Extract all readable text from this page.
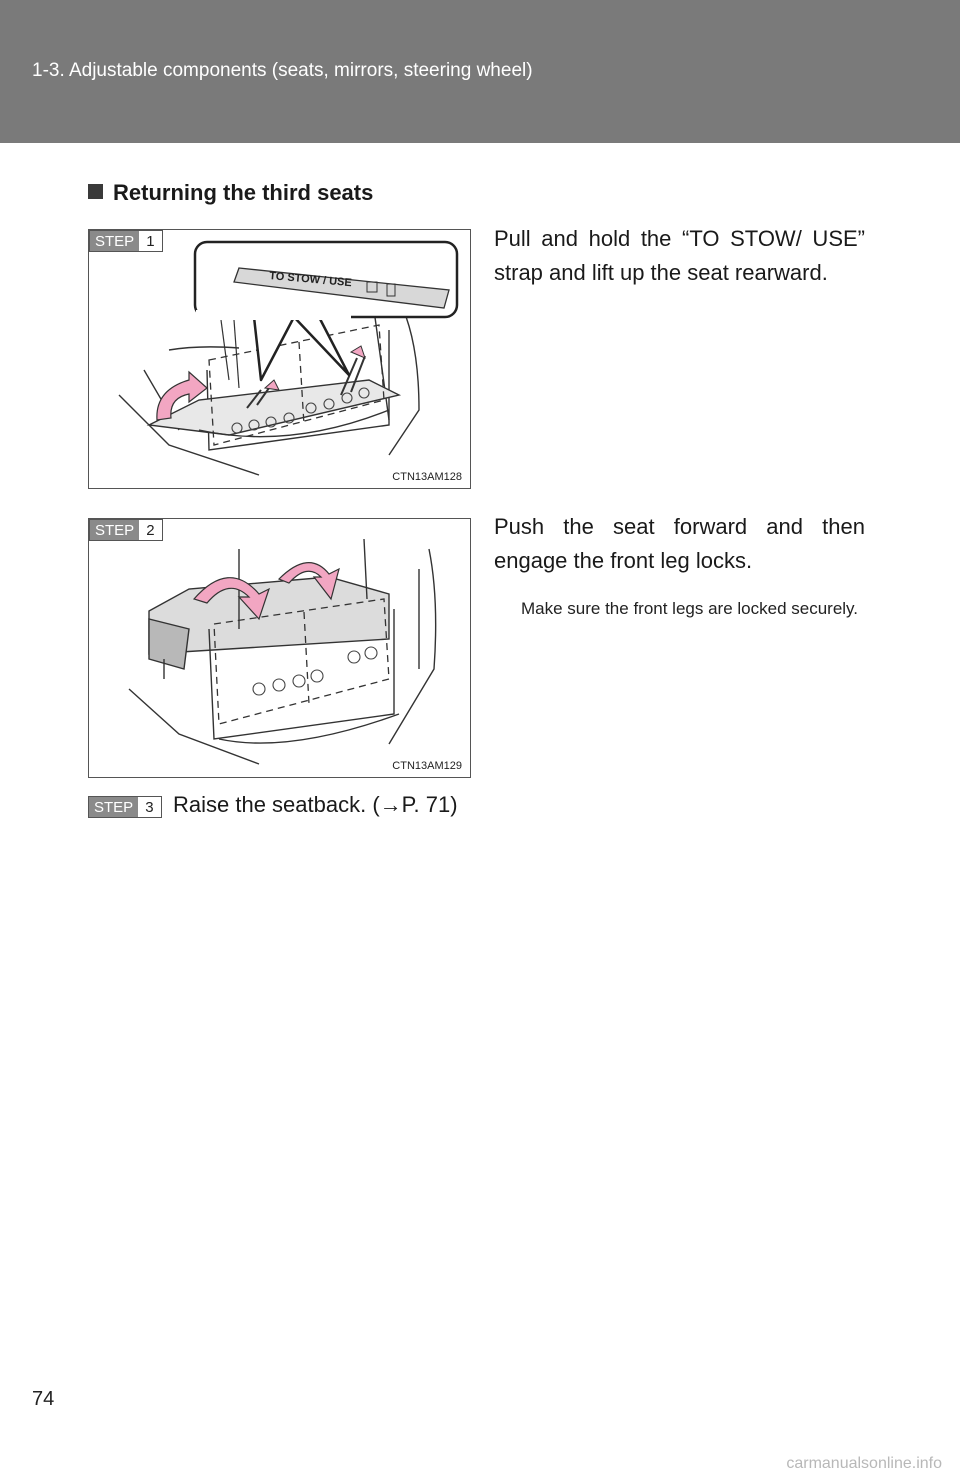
1-3. Adjustable components (seats, mirrors, steering wheel)
Returning the third seats
STEP 1
TO STOW / USE
CTN13AM128
Pull and hold the “TO STOW/ USE” strap and lift up the seat rearward.
STEP 2
CTN13AM129
Push the seat forward and then engage the front leg locks.
Make sure the front legs are locked securely.
STEP 3 Raise the seatback. (→P. 71)
74
carmanualsonline.info
